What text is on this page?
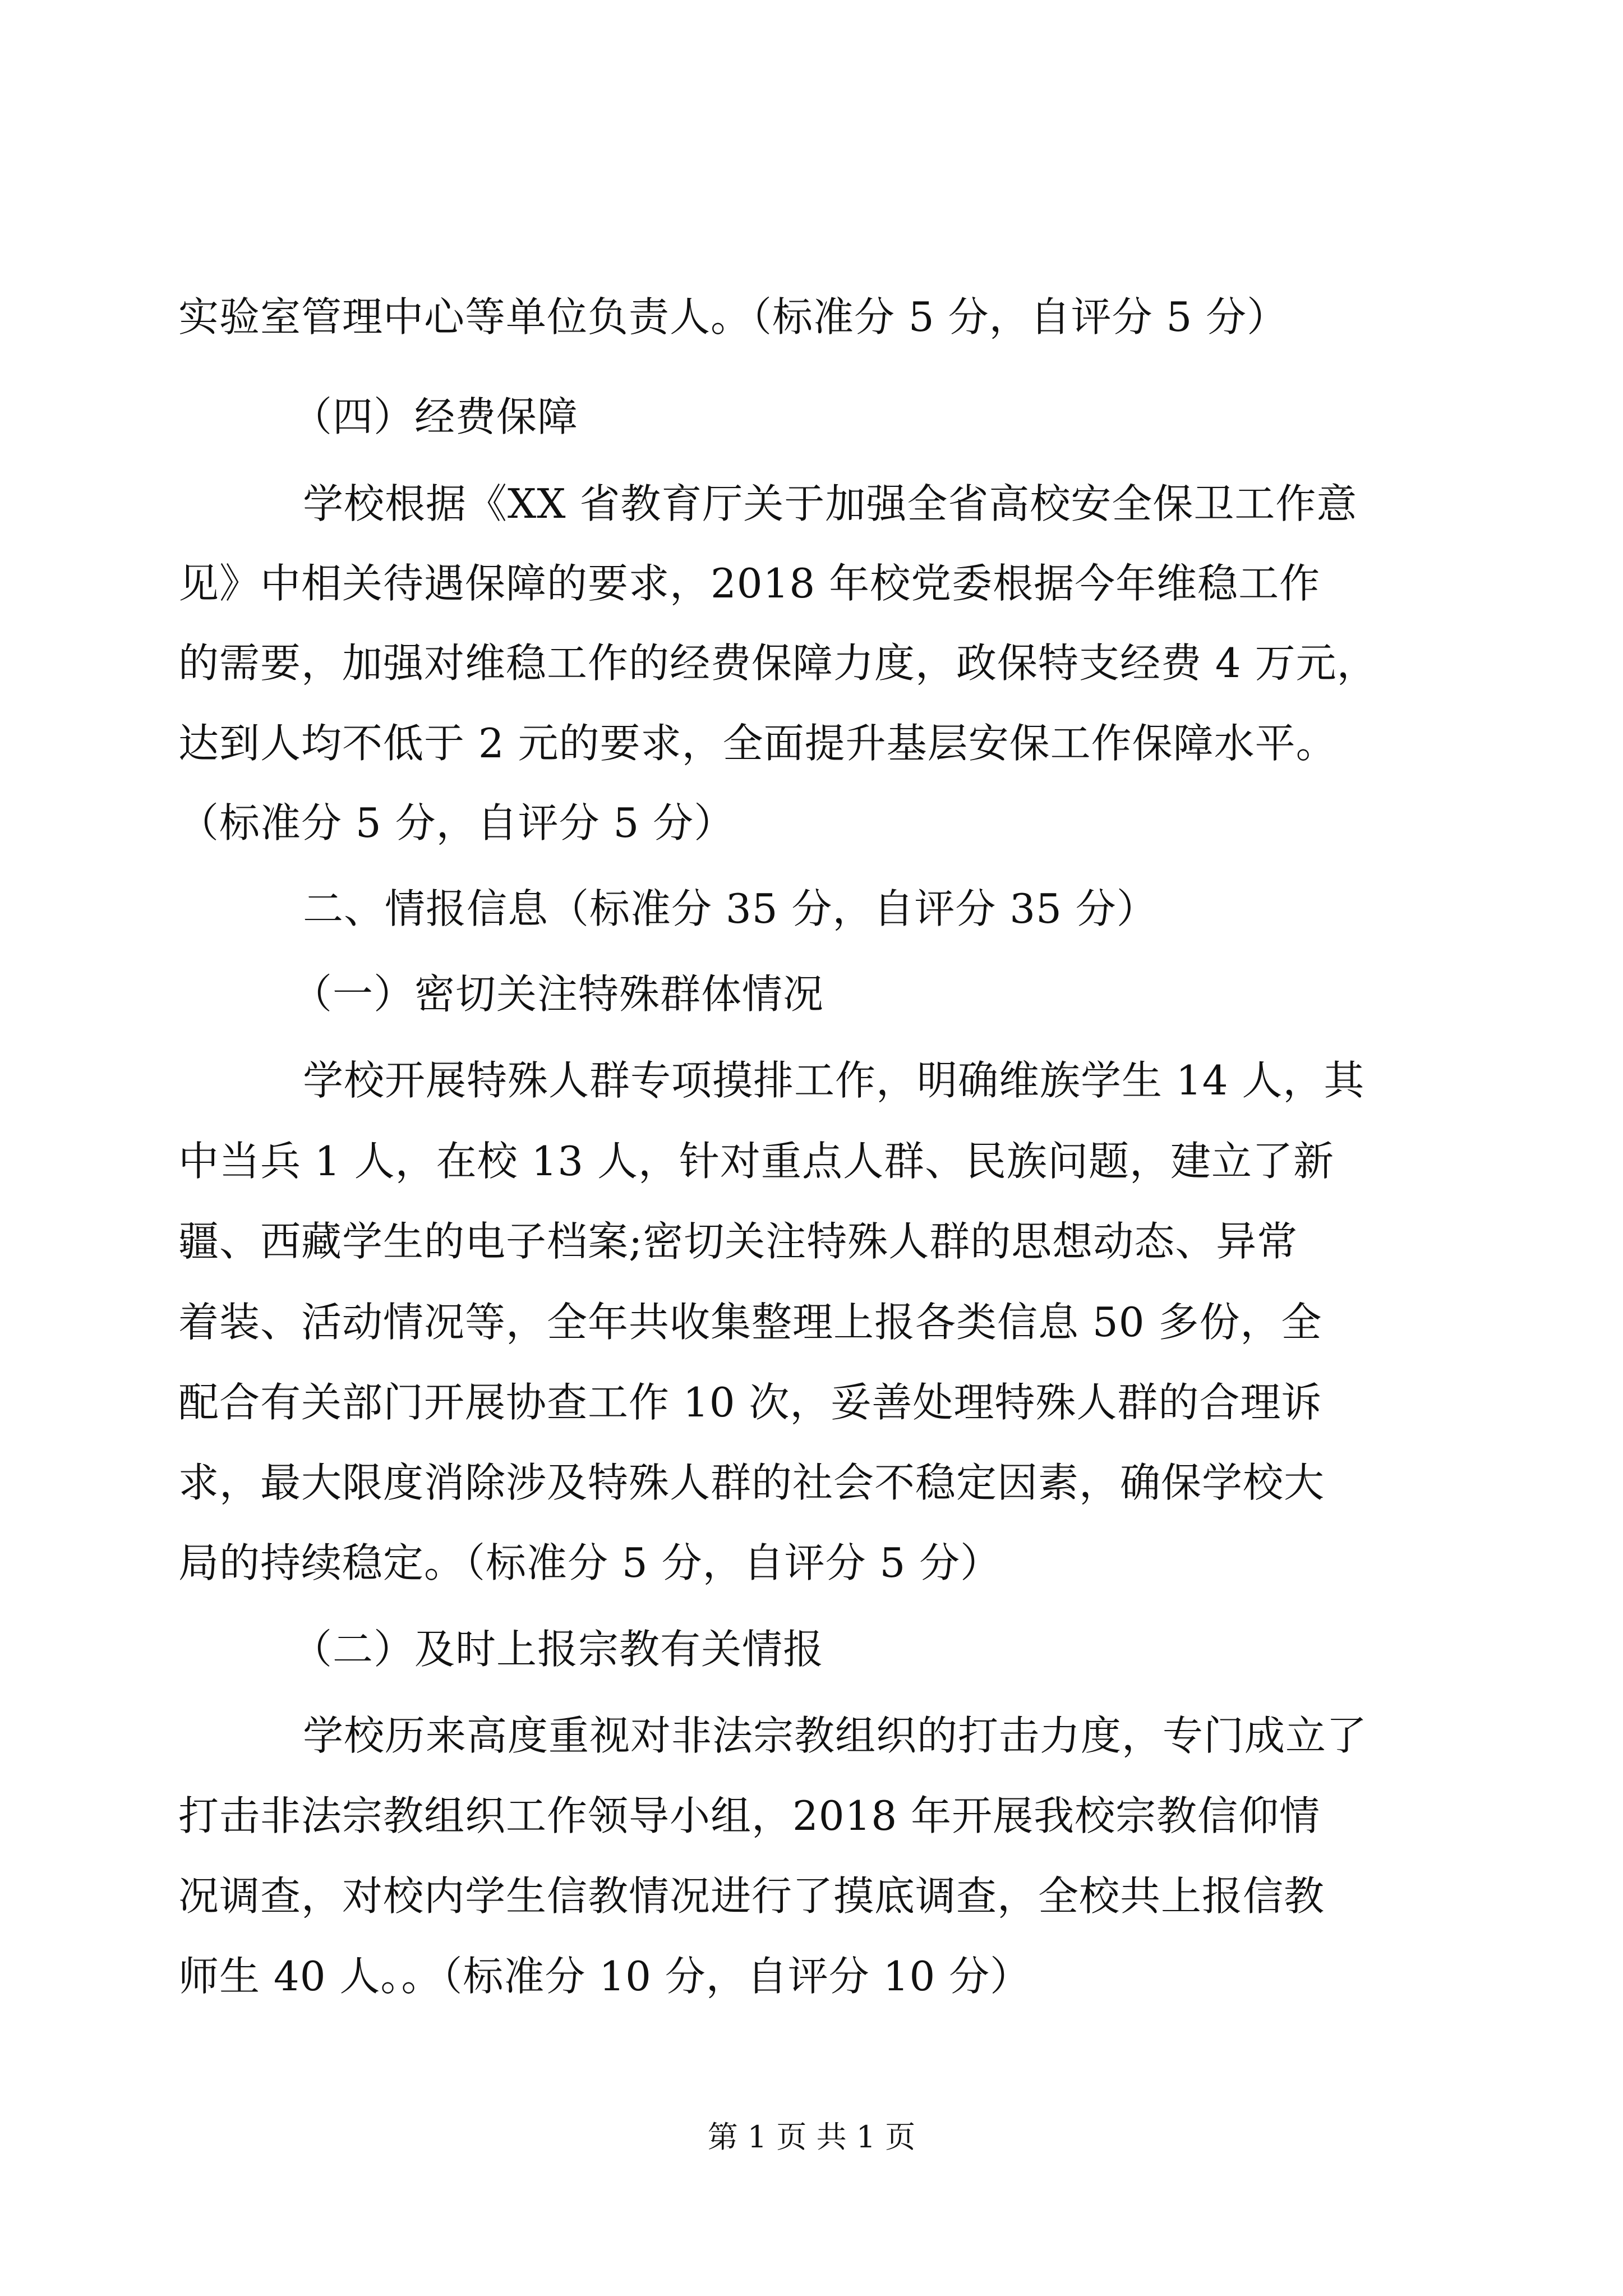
实验室管理中心等单位负责人。（标准分 5 分，自评分 5 分）
（四）经费保障
学校根据《XX 省教育厅关于加强全省高校安全保卫工作意
见》中相关待遇保障的要求，2018 年校党委根据今年维稳工作
的需要，加强对维稳工作的经费保障力度，政保特支经费 4 万元，
达到人均不低于 2 元的要求，全面提升基层安保工作保障水平。
（标准分 5 分，自评分 5 分）
二、情报信息（标准分 35 分，自评分 35 分）
（一）密切关注特殊群体情况
学校开展特殊人群专项摸排工作，明确维族学生 14 人，其
中当兵 1 人，在校 13 人，针对重点人群、民族问题，建立了新
疆、西藏学生的电子档案;密切关注特殊人群的思想动态、异常
着装、活动情况等，全年共收集整理上报各类信息 50 多份，全
配合有关部门开展协查工作 10 次，妥善处理特殊人群的合理诉
求，最大限度消除涉及特殊人群的社会不稳定因素，确保学校大
局的持续稳定。（标准分 5 分，自评分 5 分）
（二）及时上报宗教有关情报
学校历来高度重视对非法宗教组织的打击力度，专门成立了
打击非法宗教组织工作领导小组，2018 年开展我校宗教信仰情
况调查，对校内学生信教情况进行了摸底调查，全校共上报信教
师生 40 人。。（标准分 10 分，自评分 10 分）
第 1 页 共 1 页
